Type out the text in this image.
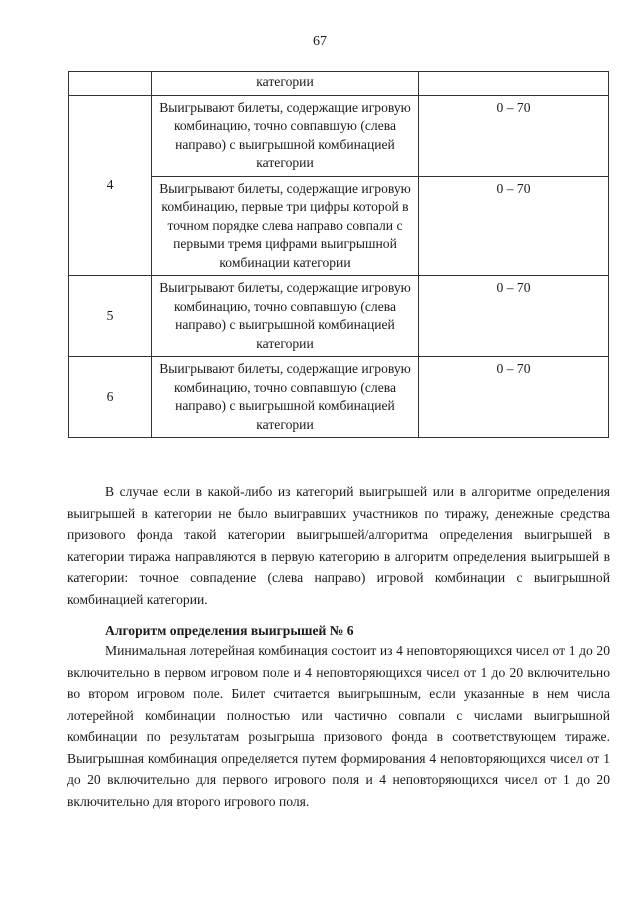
67
	категории	
4	Выигрывают билеты, содержащие игровую комбинацию, точно совпавшую (слева направо) с выигрышной комбинацией категории	0 – 70
	Выигрывают билеты, содержащие игровую комбинацию, первые три цифры которой в точном порядке слева направо совпали с первыми тремя цифрами выигрышной комбинации категории	0 – 70
5	Выигрывают билеты, содержащие игровую комбинацию, точно совпавшую (слева направо) с выигрышной комбинацией категории	0 – 70
6	Выигрывают билеты, содержащие игровую комбинацию, точно совпавшую (слева направо) с выигрышной комбинацией категории	0 – 70

В случае если в какой-либо из категорий выигрышей или в алгоритме определения выигрышей в категории не было выигравших участников по тиражу, денежные средства призового фонда такой категории выигрышей/алгоритма определения выигрышей в категории тиража направляются в первую категорию в алгоритм определения выигрышей в категории: точное совпадение (слева направо) игровой комбинации с выигрышной комбинацией категории.

Алгоритм определения выигрышей № 6

Минимальная лотерейная комбинация состоит из 4 неповторяющихся чисел от 1 до 20 включительно в первом игровом поле и 4 неповторяющихся чисел от 1 до 20 включительно во втором игровом поле. Билет считается выигрышным, если указанные в нем числа лотерейной комбинации полностью или частично совпали с числами выигрышной комбинации по результатам розыгрыша призового фонда в соответствующем тираже. Выигрышная комбинация определяется путем формирования 4 неповторяющихся чисел от 1 до 20 включительно для первого игрового поля и 4 неповторяющихся чисел от 1 до 20 включительно для второго игрового поля.
